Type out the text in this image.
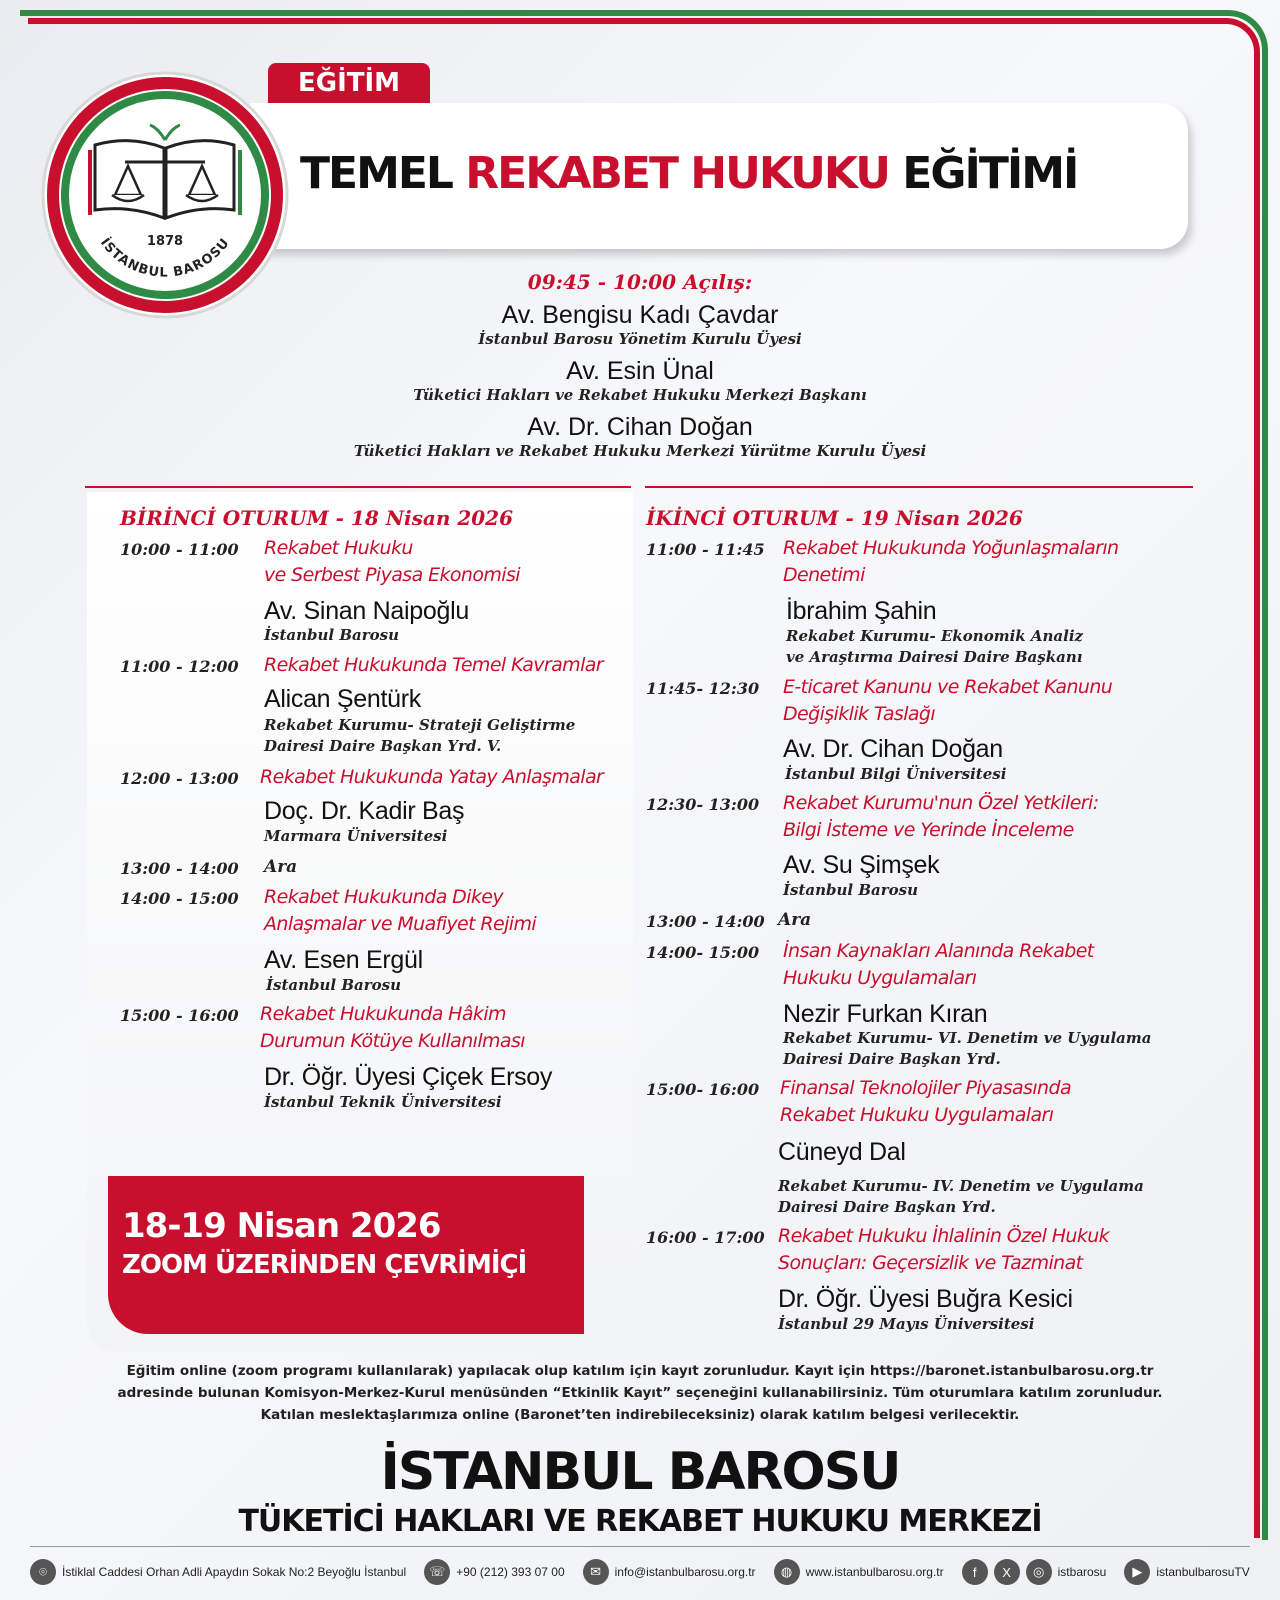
EĞİTİM
TEMEL REKABET HUKUKU EĞİTİMİ
1878
İSTANBUL BAROSU
09:45 - 10:00 Açılış:
Av. Bengisu Kadı Çavdar
İstanbul Barosu Yönetim Kurulu Üyesi
Av. Esin Ünal
Tüketici Hakları ve Rekabet Hukuku Merkezi Başkanı
Av. Dr. Cihan Doğan
Tüketici Hakları ve Rekabet Hukuku Merkezi Yürütme Kurulu Üyesi
BİRİNCİ OTURUM - 18 Nisan 2026
10:00 - 11:00 Rekabet Hukuku
ve Serbest Piyasa Ekonomisi
Av. Sinan Naipoğlu
İstanbul Barosu
11:00 - 12:00 Rekabet Hukukunda Temel Kavramlar
Alican Şentürk
Rekabet Kurumu- Strateji Geliştirme
Dairesi Daire Başkan Yrd. V.
12:00 - 13:00 Rekabet Hukukunda Yatay Anlaşmalar
Doç. Dr. Kadir Baş
Marmara Üniversitesi
13:00 - 14:00 Ara
14:00 - 15:00 Rekabet Hukukunda Dikey
Anlaşmalar ve Muafiyet Rejimi
Av. Esen Ergül
İstanbul Barosu
15:00 - 16:00 Rekabet Hukukunda Hâkim
Durumun Kötüye Kullanılması
Dr. Öğr. Üyesi Çiçek Ersoy
İstanbul Teknik Üniversitesi
İKİNCİ OTURUM - 19 Nisan 2026
11:00 - 11:45 Rekabet Hukukunda Yoğunlaşmaların
Denetimi
İbrahim Şahin
Rekabet Kurumu- Ekonomik Analiz
ve Araştırma Dairesi Daire Başkanı
11:45- 12:30 E-ticaret Kanunu ve Rekabet Kanunu
Değişiklik Taslağı
Av. Dr. Cihan Doğan
İstanbul Bilgi Üniversitesi
12:30- 13:00 Rekabet Kurumu'nun Özel Yetkileri:
Bilgi İsteme ve Yerinde İnceleme
Av. Su Şimşek
İstanbul Barosu
13:00 - 14:00 Ara
14:00- 15:00 İnsan Kaynakları Alanında Rekabet
Hukuku Uygulamaları
Nezir Furkan Kıran
Rekabet Kurumu- VI. Denetim ve Uygulama
Dairesi Daire Başkan Yrd.
15:00- 16:00 Finansal Teknolojiler Piyasasında
Rekabet Hukuku Uygulamaları
Cüneyd Dal
Rekabet Kurumu- IV. Denetim ve Uygulama
Dairesi Daire Başkan Yrd.
16:00 - 17:00 Rekabet Hukuku İhlalinin Özel Hukuk
Sonuçları: Geçersizlik ve Tazminat
Dr. Öğr. Üyesi Buğra Kesici
İstanbul 29 Mayıs Üniversitesi
18-19 Nisan 2026
ZOOM ÜZERİNDEN ÇEVRİMİÇİ
Eğitim online (zoom programı kullanılarak) yapılacak olup katılım için kayıt zorunludur. Kayıt için https://baronet.istanbulbarosu.org.tr
adresinde bulunan Komisyon-Merkez-Kurul menüsünden “Etkinlik Kayıt” seçeneğini kullanabilirsiniz. Tüm oturumlara katılım zorunludur.
Katılan meslektaşlarımıza online (Baronet’ten indirebileceksiniz) olarak katılım belgesi verilecektir.
İSTANBUL BAROSU
TÜKETİCİ HAKLARI VE REKABET HUKUKU MERKEZİ
⌾	İstiklal Caddesi Orhan Adli Apaydın Sokak No:2 Beyoğlu İstanbul	☏ +90 (212) 393 07 00	✉	info@istanbulbarosu.org.tr	◍	www.istanbulbarosu.org.tr	f	X	◎	istbarosu	▶	istanbulbarosuTV
